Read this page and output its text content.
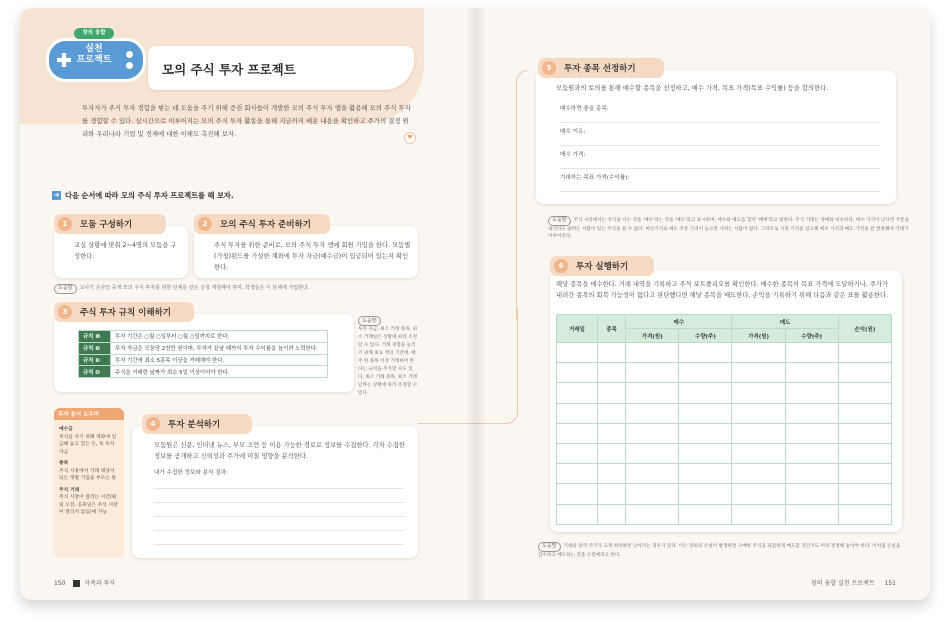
창의 융합
실천
프로젝트
모의 주식 투자 프로젝트
♥
투자자가 주식 투자 경험을 쌓는 데 도움을 주기 위해 증권 회사들이 개발한 모의 주식 투자 앱을 활용해 모의 주식 투자를 경험할 수 있다. 실시간으로 이루어지는 모의 주식 투자 활동을 통해 지금까지 배운 내용을 확인하고 주가의 결정 원리와 우리나라 기업 및 경제에 대한 이해도 촉진해 보자.
➔ 다음 순서에 따라 모의 주식 투자 프로젝트를 해 보자.
모둠 구성하기
1
교실 상황에 맞춰 2~4명의 모둠을 구성한다.
모의 주식 투자 준비하기
2
주식 투자를 위한 준비로, 모의 주식 투자 앱에 회원 가입을 한다. 모둠별 (가칭)펀드를 가설한 계좌에 투자 자금(예수금)이 입금되어 있는지 확인한다.
도움말 교사가 온라인 중개 모의 주식 투자를 위한 단체를 만든 신청 개설해야 하며, 학생들은 이 단체에 가입한다.
주식 투자 규칙 이해하기
3
규칙 ❶	투자 기간은 ○월 ○일부터 ○월 ○일까지로 한다.
규칙 ❷	투자 자금은 모둠당 2천만 원이며, 투자가 끝날 때까지 투자 수익률을 높이려 노력한다.
규칙 ❸	투자 기간에 최소 5종목 이상을 거래해야 한다.
규칙 ❹	주식을 거래한 날짜가 최소 5일 이상이어야 한다.
도움말
투자 자금, 최소 거래 종목, 최소 거래일은 상황에 따라 조정할 수 있다. 거래 경험을 늘리기 위해 최로 액의 기간에, 매주 한 종목 이상 거래하여 한다는 규칙을 추가할 수도 있다. 최소 거래 종목, 최소 거래 날짜는 상황에 따라 조정할 수 있다.
투자 용어 도우미
예수금
주식을 사기 위해 계좌에 입금해 놓고 있는 돈, 즉 투자 자금
종목
주식 시장에서 거래 대상이 되는 개별 기업을 부르는 말
주식 거래
주식 시장이 열리는 시간(평일 오전, 공휴일은 주식 시장이 열리지 않음)에 가능
투자 분석하기
4
모둠원은 신문, 인터넷 뉴스, 부모 조언 등 이용 가능한 경로로 정보를 수집한다. 각자 수집한 정보를 공개하고 신뢰성과 주가에 미칠 영향을 분석한다.
내가 수집한 정보와 분석 결과:
투자 종목 선정하기
5
모둠원과의 토의를 통해 매수할 종목을 선정하고, 매수 가격, 목표 가격(목표 수익률) 등을 합의한다.
매수하면 좋을 종목:
매수 이유:
매수 가격:
기대하는 목표 가격(수익률):
도움말 주식 시장에서는 주식을 사는 것을 '매수'라는 것을 '매도'라고 표시하며, 매수와 매도를 합쳐 '매매'라고 말한다. 주식 거래는 경매와 비슷하다. 매수 가격이 낮다면 주문을 내더라도 팔려는 사람이 있는 주식을 살 수 없다. 마찬가지로 매도 주문 가격이 높으면 사려는 사람이 없다. 그러므로 시장 가격을 참고해 매수 가격과 매도 가격을 잘 결정해야 거래가 이루어진다.
투자 실행하기
6
해당 종목을 매수한다. 거래 내역을 기록하고 주식 포트폴리오를 확인한다. 매수한 종목의 목표 가격에 도달하거나, 주가가 내려간 종목의 회복 가능성이 없다고 판단했다면 해당 종목을 매도한다. 손익을 기록하기 위해 다음과 같은 표를 활용한다.
거래일	종목	매수		매도		손익(원)
		가격(원)	수량(주)	가격(원)	수량(주)	

도움말 기대와 달리 주가가 크게 하락하면 낮아지는 경우가 있다. 이는 장외의 손실이 발생하면 구매한 주식을 과감하게 매도할 것인지도 미리 결정해 놓아야 한다. 이처럼 손실을 감수하고 매도하는 것을 손절매라고 한다.
150	자족과 투자	창의 융합 실천 프로젝트 151
